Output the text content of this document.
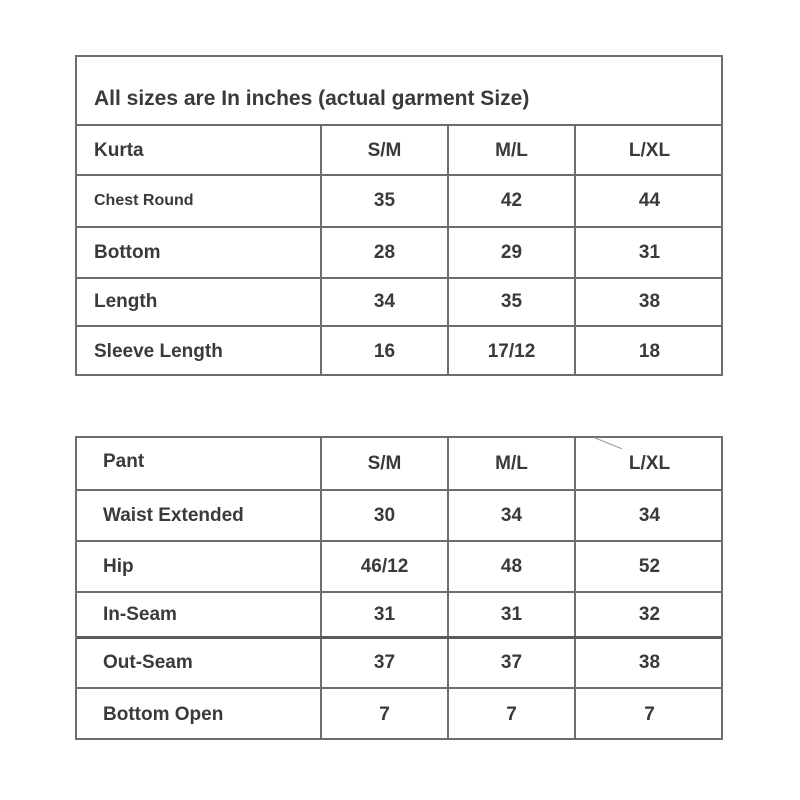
All sizes are In inches (actual garment Size)
Kurta	S/M	M/L	L/XL
Chest Round	35	42	44
Bottom	28	29	31
Length	34	35	38
Sleeve Length	16	17/12	18
Pant	S/M	M/L	L/XL
Waist Extended	30	34	34
Hip	46/12	48	52
In-Seam	31	31	32
Out-Seam	37	37	38
Bottom Open	7	7	7
